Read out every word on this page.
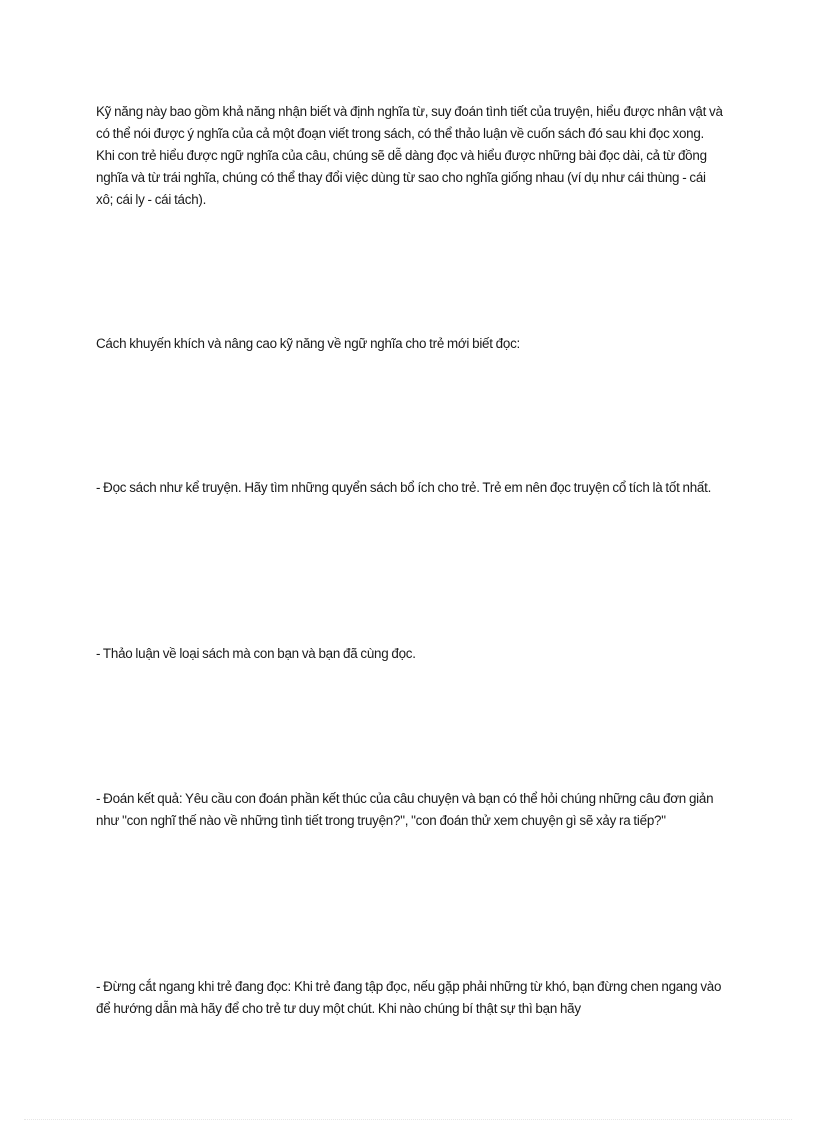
Kỹ năng này bao gồm khả năng nhận biết và định nghĩa từ, suy đoán tình tiết của truyện, hiểu được nhân vật và có thể nói được ý nghĩa của cả một đoạn viết trong sách, có thể thảo luận về cuốn sách đó sau khi đọc xong. Khi con trẻ hiểu được ngữ nghĩa của câu, chúng sẽ dễ dàng đọc và hiểu được những bài đọc dài, cả từ đồng nghĩa và từ trái nghĩa, chúng có thể thay đổi việc dùng từ sao cho nghĩa giống nhau (ví dụ như cái thùng - cái xô; cái ly - cái tách).

Cách khuyến khích và nâng cao kỹ năng về ngữ nghĩa cho trẻ mới biết đọc:

- Đọc sách như kể truyện. Hãy tìm những quyển sách bổ ích cho trẻ. Trẻ em nên đọc truyện cổ tích là tốt nhất.

- Thảo luận về loại sách mà con bạn và bạn đã cùng đọc.

- Đoán kết quả: Yêu cầu con đoán phần kết thúc của câu chuyện và bạn có thể hỏi chúng những câu đơn giản như "con nghĩ thế nào về những tình tiết trong truyện?", "con đoán thử xem chuyện gì sẽ xảy ra tiếp?"

- Đừng cắt ngang khi trẻ đang đọc: Khi trẻ đang tập đọc, nếu gặp phải những từ khó, bạn đừng chen ngang vào để hướng dẫn mà hãy để cho trẻ tư duy một chút. Khi nào chúng bí thật sự thì bạn hãy
